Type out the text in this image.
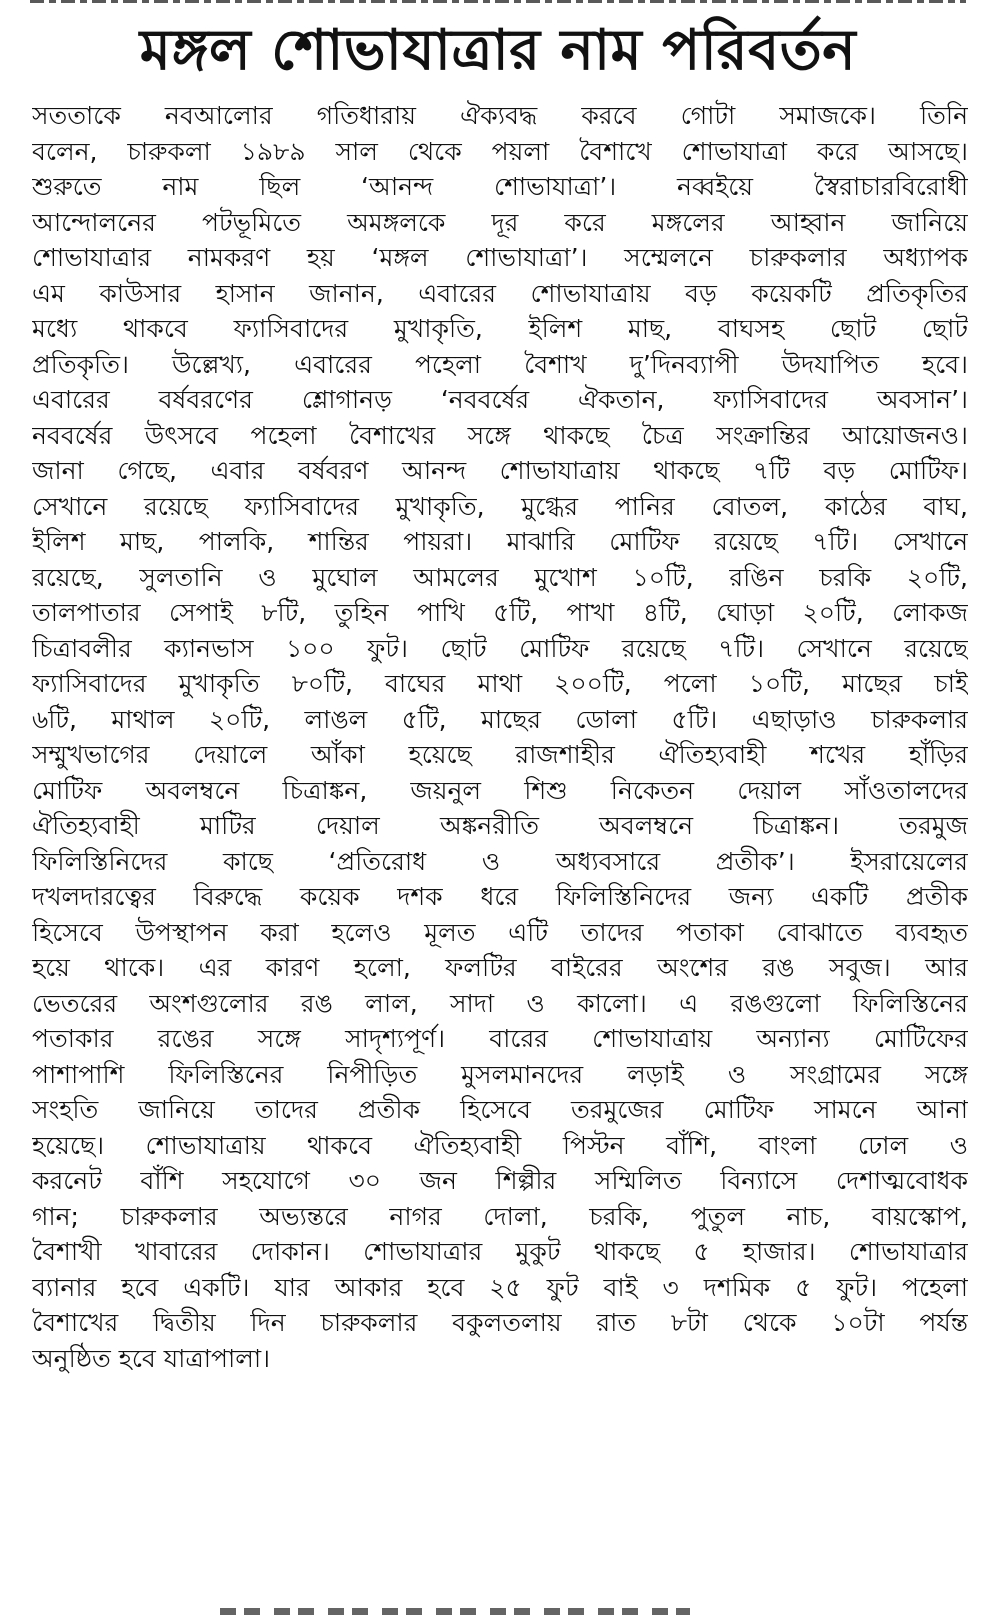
মঙ্গল শোভাযাত্রার নাম পরিবর্তন
সততাকে নবআলোর গতিধারায় ঐক্যবদ্ধ করবে গোটা সমাজকে। তিনি
বলেন, চারুকলা ১৯৮৯ সাল থেকে পয়লা বৈশাখে শোভাযাত্রা করে আসছে।
শুরুতে নাম ছিল ‘আনন্দ শোভাযাত্রা’। নব্বইয়ে স্বৈরাচারবিরোধী
আন্দোলনের পটভূমিতে অমঙ্গলকে দূর করে মঙ্গলের আহ্বান জানিয়ে
শোভাযাত্রার নামকরণ হয় ‘মঙ্গল শোভাযাত্রা’। সম্মেলনে চারুকলার অধ্যাপক
এম কাউসার হাসান জানান, এবারের শোভাযাত্রায় বড় কয়েকটি প্রতিকৃতির
মধ্যে থাকবে ফ্যাসিবাদের মুখাকৃতি, ইলিশ মাছ, বাঘসহ ছোট ছোট
প্রতিকৃতি। উল্লেখ্য, এবারের পহেলা বৈশাখ দু’দিনব্যাপী উদযাপিত হবে।
এবারের বর্ষবরণের শ্লোগানড় ‘নববর্ষের ঐকতান, ফ্যাসিবাদের অবসান’।
নববর্ষের উৎসবে পহেলা বৈশাখের সঙ্গে থাকছে চৈত্র সংক্রান্তির আয়োজনও।
জানা গেছে, এবার বর্ষবরণ আনন্দ শোভাযাত্রায় থাকছে ৭টি বড় মোটিফ।
সেখানে রয়েছে ফ্যাসিবাদের মুখাকৃতি, মুগ্ধের পানির বোতল, কাঠের বাঘ,
ইলিশ মাছ, পালকি, শান্তির পায়রা। মাঝারি মোটিফ রয়েছে ৭টি। সেখানে
রয়েছে, সুলতানি ও মুঘোল আমলের মুখোশ ১০টি, রঙিন চরকি ২০টি,
তালপাতার সেপাই ৮টি, তুহিন পাখি ৫টি, পাখা ৪টি, ঘোড়া ২০টি, লোকজ
চিত্রাবলীর ক্যানভাস ১০০ ফুট। ছোট মোটিফ রয়েছে ৭টি। সেখানে রয়েছে
ফ্যাসিবাদের মুখাকৃতি ৮০টি, বাঘের মাথা ২০০টি, পলো ১০টি, মাছের চাই
৬টি, মাথাল ২০টি, লাঙল ৫টি, মাছের ডোলা ৫টি। এছাড়াও চারুকলার
সম্মুখভাগের দেয়ালে আঁকা হয়েছে রাজশাহীর ঐতিহ্যবাহী শখের হাঁড়ির
মোটিফ অবলম্বনে চিত্রাঙ্কন, জয়নুল শিশু নিকেতন দেয়াল সাঁওতালদের
ঐতিহ্যবাহী মাটির দেয়াল অঙ্কনরীতি অবলম্বনে চিত্রাঙ্কন। তরমুজ
ফিলিস্তিনিদের কাছে ‘প্রতিরোধ ও অধ্যবসারে প্রতীক’। ইসরায়েলের
দখলদারত্বের বিরুদ্ধে কয়েক দশক ধরে ফিলিস্তিনিদের জন্য একটি প্রতীক
হিসেবে উপস্থাপন করা হলেও মূলত এটি তাদের পতাকা বোঝাতে ব্যবহৃত
হয়ে থাকে। এর কারণ হলো, ফলটির বাইরের অংশের রঙ সবুজ। আর
ভেতরের অংশগুলোর রঙ লাল, সাদা ও কালো। এ রঙগুলো ফিলিস্তিনের
পতাকার রঙের সঙ্গে সাদৃশ্যপূর্ণ। বারের শোভাযাত্রায় অন্যান্য মোটিফের
পাশাপাশি ফিলিস্তিনের নিপীড়িত মুসলমানদের লড়াই ও সংগ্রামের সঙ্গে
সংহতি জানিয়ে তাদের প্রতীক হিসেবে তরমুজের মোটিফ সামনে আনা
হয়েছে। শোভাযাত্রায় থাকবে ঐতিহ্যবাহী পিস্টন বাঁশি, বাংলা ঢোল ও
করনেট বাঁশি সহযোগে ৩০ জন শিল্পীর সম্মিলিত বিন্যাসে দেশাত্মবোধক
গান; চারুকলার অভ্যন্তরে নাগর দোলা, চরকি, পুতুল নাচ, বায়স্কোপ,
বৈশাখী খাবারের দোকান। শোভাযাত্রার মুকুট থাকছে ৫ হাজার। শোভাযাত্রার
ব্যানার হবে একটি। যার আকার হবে ২৫ ফুট বাই ৩ দশমিক ৫ ফুট। পহেলা
বৈশাখের দ্বিতীয় দিন চারুকলার বকুলতলায় রাত ৮টা থেকে ১০টা পর্যন্ত
অনুষ্ঠিত হবে যাত্রাপালা।
